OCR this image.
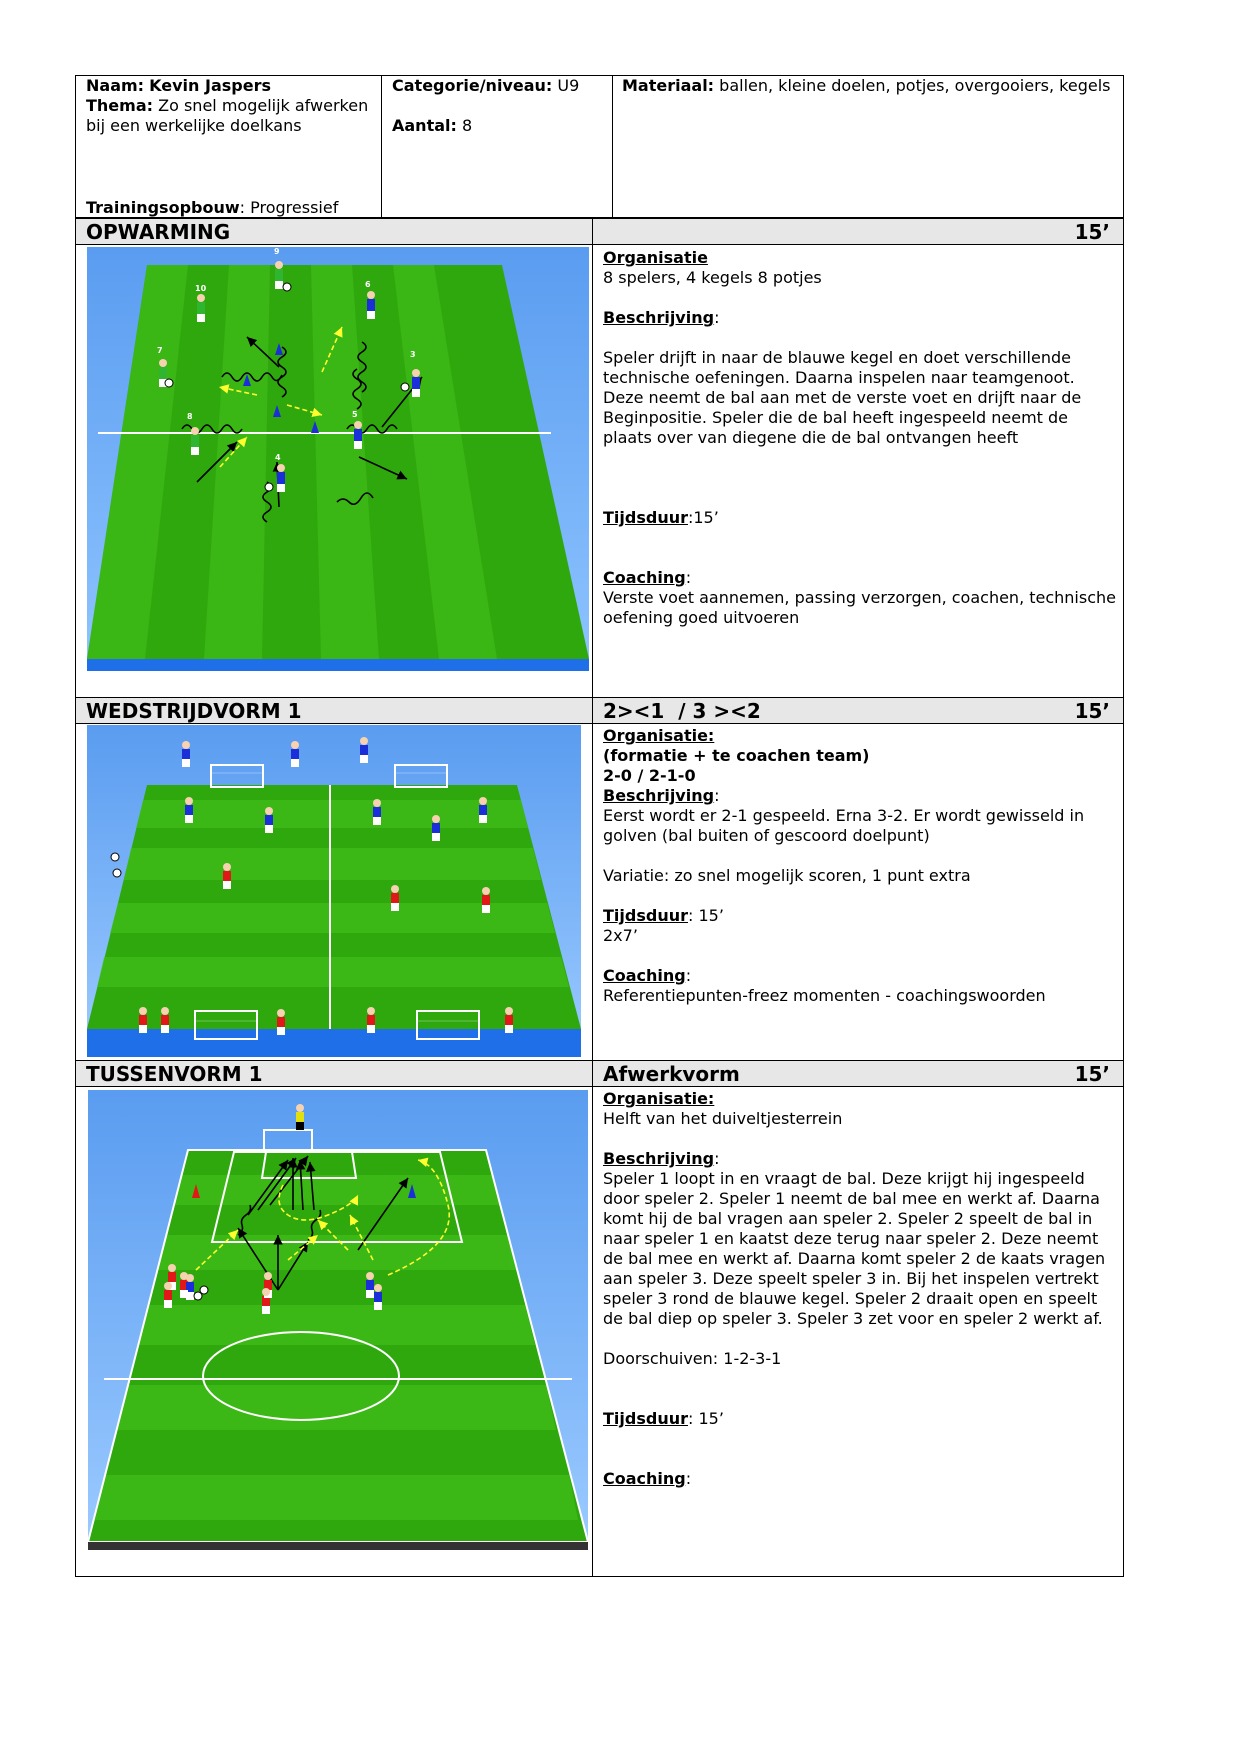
Naam: Kevin Jaspers

Thema: Zo snel mogelijk afwerken bij een werkelijke doelkans

Trainingsopbouw: Progressief

Categorie/niveau: U9

Aantal: 8

Materiaal: ballen, kleine doelen, potjes, overgooiers, kegels

OPWARMING	15’
9
10	6
7	3
8	5
4

Organisatie

8 spelers, 4 kegels 8 potjes

Beschrijving:

Speler drijft in naar de blauwe kegel en doet verschillende technische oefeningen. Daarna inspelen naar teamgenoot. Deze neemt de bal aan met de verste voet en drijft naar de Beginpositie. Speler die de bal heeft ingespeeld neemt de plaats over van diegene die de bal ontvangen heeft

Tijdsduur:15’

Coaching:

Verste voet aannemen, passing verzorgen, coachen, technische oefening goed uitvoeren

WEDSTRIJDVORM 1	2><1  / 3 ><2	15’

Organisatie:

(formatie + te coachen team)

2-0 / 2-1-0

Beschrijving:

Eerst wordt er 2-1 gespeeld. Erna 3-2. Er wordt gewisseld in golven (bal buiten of gescoord doelpunt)

Variatie: zo snel mogelijk scoren, 1 punt extra

Tijdsduur: 15’

2x7’

Coaching:

Referentiepunten-freez momenten - coachingswoorden

TUSSENVORM 1	Afwerkvorm	15’

Organisatie:

Helft van het duiveltjesterrein

Beschrijving:

Speler 1 loopt in en vraagt de bal. Deze krijgt hij ingespeeld door speler 2. Speler 1 neemt de bal mee en werkt af. Daarna komt hij de bal vragen aan speler 2. Speler 2 speelt de bal in naar speler 1 en kaatst deze terug naar speler 2. Deze neemt de bal mee en werkt af. Daarna komt speler 2 de kaats vragen aan speler 3. Deze speelt speler 3 in. Bij het inspelen vertrekt speler 3 rond de blauwe kegel. Speler 2 draait open en speelt de bal diep op speler 3. Speler 3 zet voor en speler 2 werkt af.

Doorschuiven: 1-2-3-1

Tijdsduur: 15’

Coaching:
